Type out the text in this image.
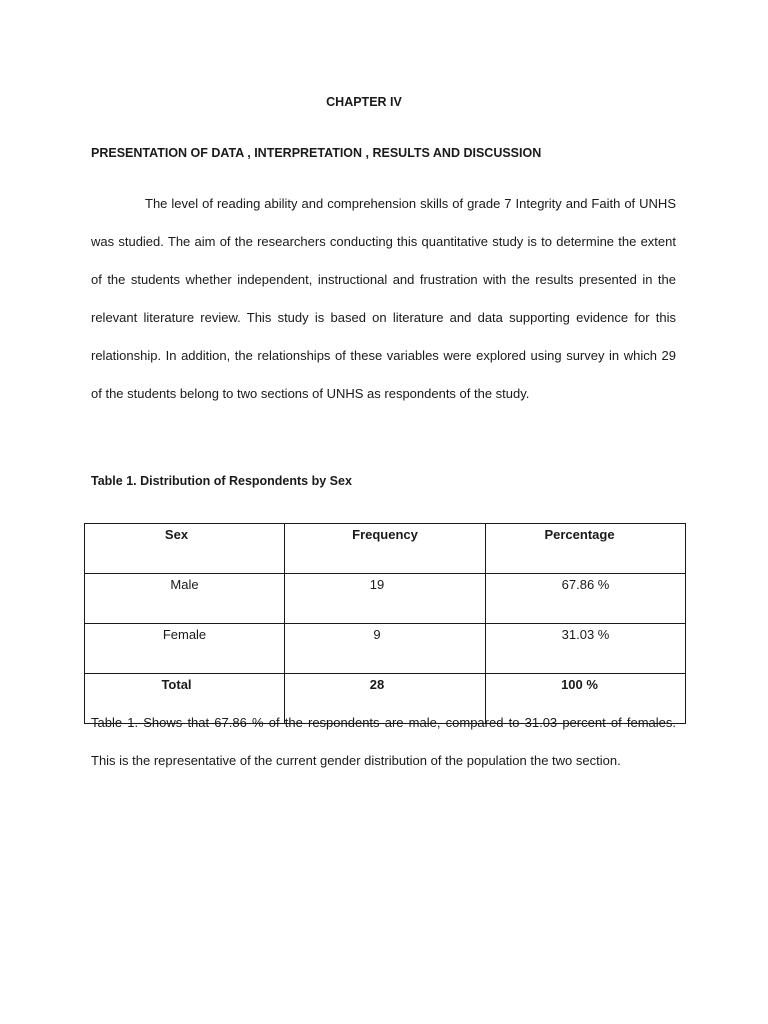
CHAPTER IV
PRESENTATION OF DATA , INTERPRETATION , RESULTS AND DISCUSSION
The level of reading ability and comprehension skills of grade 7 Integrity and Faith of UNHS was studied. The aim of the researchers conducting this quantitative study is to determine the extent of the students whether independent, instructional and frustration with the results presented in the relevant literature review. This study is based on literature and data supporting evidence for this relationship. In addition, the relationships of these variables were explored using survey in which 29 of the students belong to two sections of UNHS as respondents of the study.
Table 1. Distribution of Respondents by Sex
Sex	Frequency	Percentage
Male	19	67.86 %
Female	9	31.03 %
Total	28	100 %
Table 1. Shows that 67.86 % of the respondents are male, compared to 31.03 percent of females. This is the representative of the current gender distribution of the population the two section.
